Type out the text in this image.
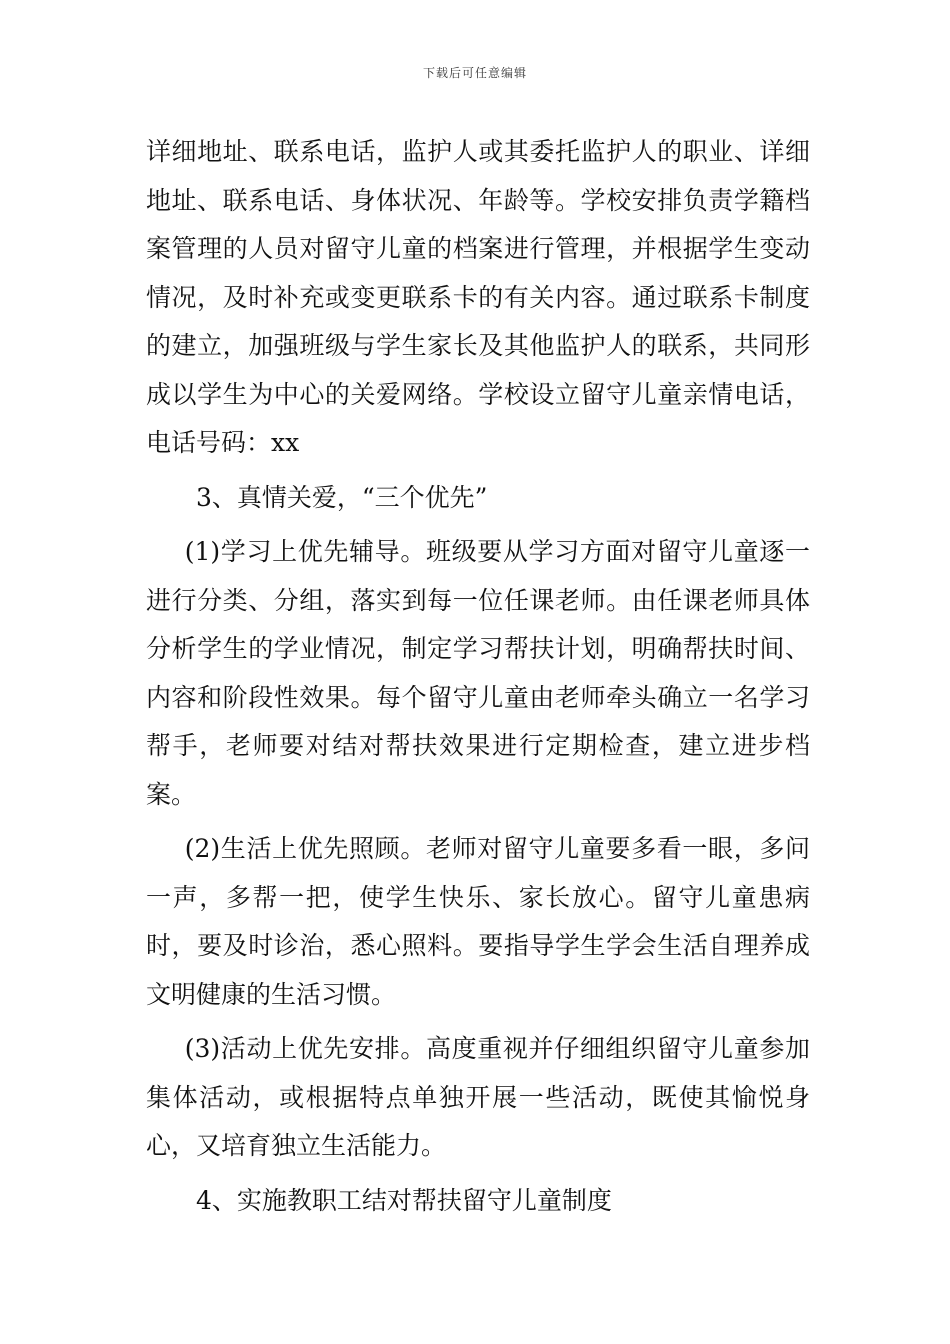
下载后可任意编辑

详细地址、联系电话，监护人或其委托监护人的职业、详细地址、联系电话、身体状况、年龄等。学校安排负责学籍档案管理的人员对留守儿童的档案进行管理，并根据学生变动情况，及时补充或变更联系卡的有关内容。通过联系卡制度的建立，加强班级与学生家长及其他监护人的联系，共同形成以学生为中心的关爱网络。学校设立留守儿童亲情电话，电话号码：xx

3、真情关爱，“三个优先”

(1)学习上优先辅导。班级要从学习方面对留守儿童逐一进行分类、分组，落实到每一位任课老师。由任课老师具体分析学生的学业情况，制定学习帮扶计划，明确帮扶时间、内容和阶段性效果。每个留守儿童由老师牵头确立一名学习帮手，老师要对结对帮扶效果进行定期检查，建立进步档案。

(2)生活上优先照顾。老师对留守儿童要多看一眼，多问一声，多帮一把，使学生快乐、家长放心。留守儿童患病时，要及时诊治，悉心照料。要指导学生学会生活自理养成文明健康的生活习惯。

(3)活动上优先安排。高度重视并仔细组织留守儿童参加集体活动，或根据特点单独开展一些活动，既使其愉悦身心，又培育独立生活能力。

4、实施教职工结对帮扶留守儿童制度
